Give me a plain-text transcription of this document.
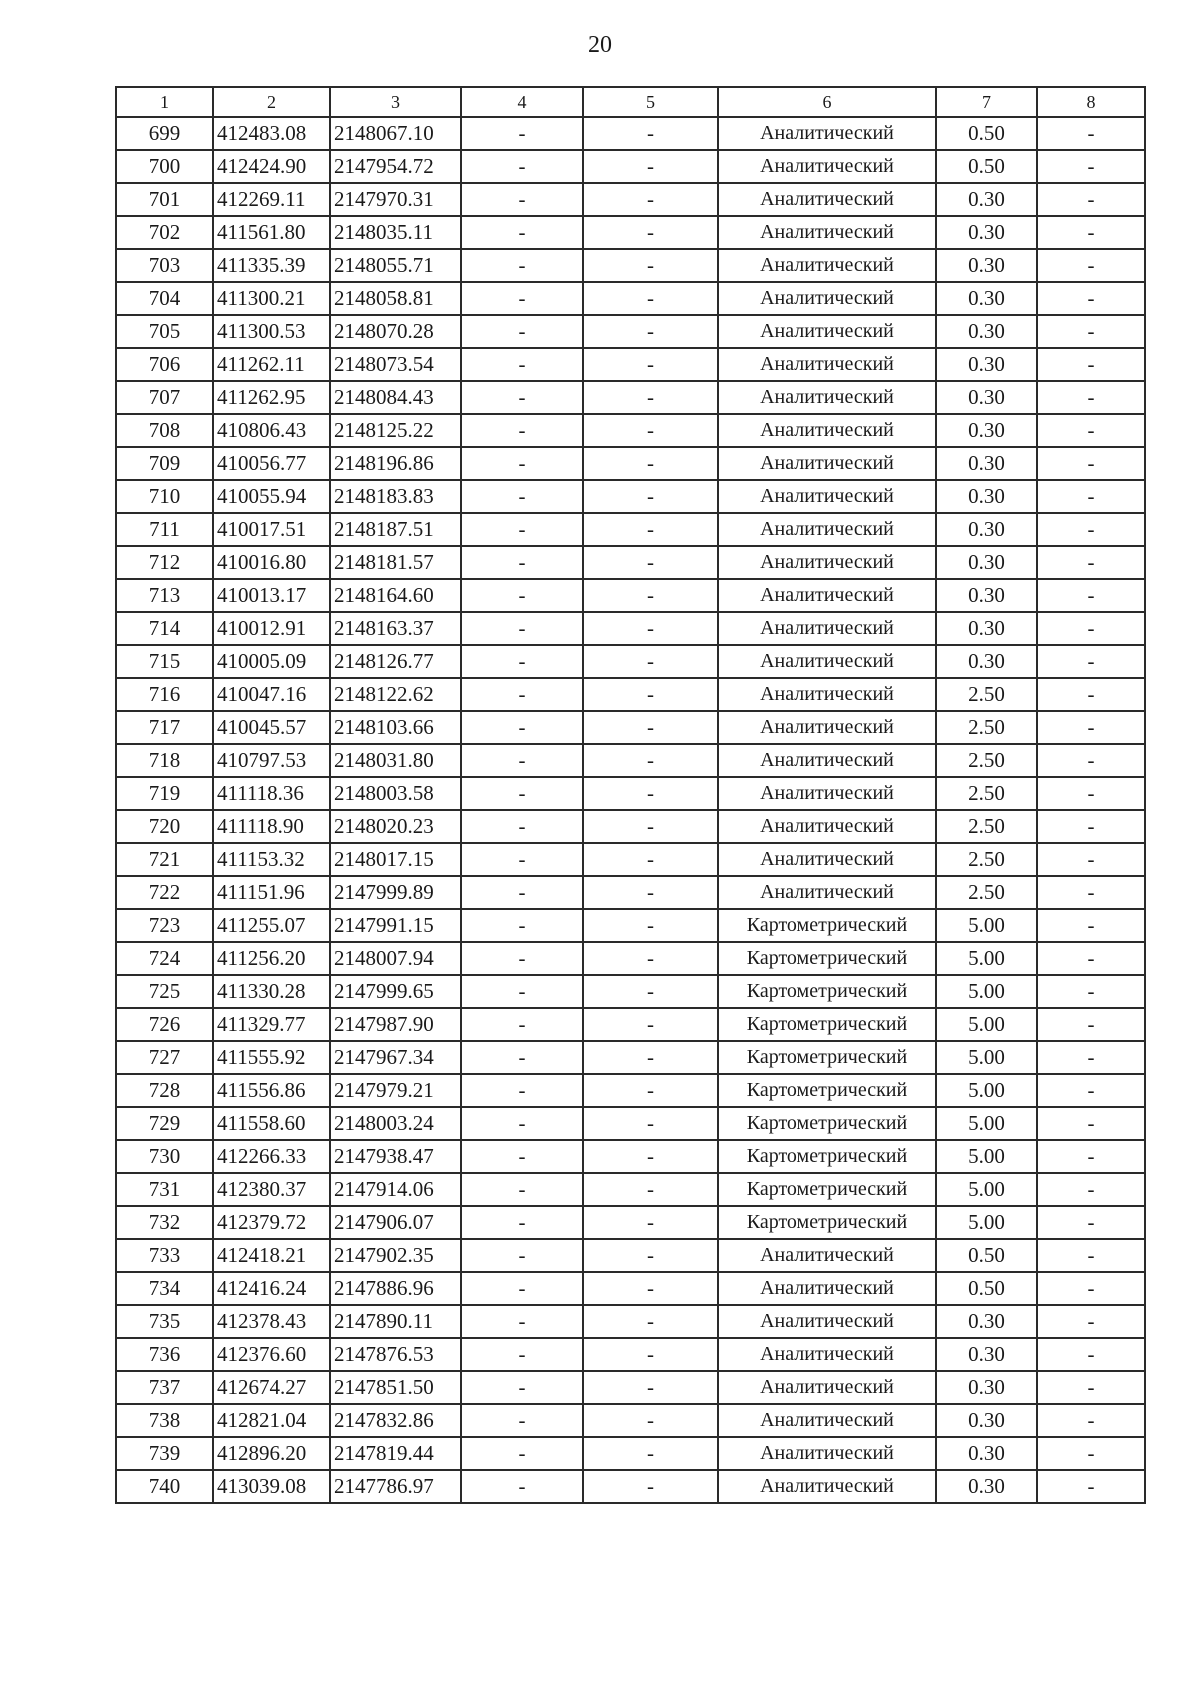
20
1	2	3	4	5	6	7	8
699	412483.08	2148067.10	-	-	Аналитический	0.50	-
700	412424.90	2147954.72	-	-	Аналитический	0.50	-
701	412269.11	2147970.31	-	-	Аналитический	0.30	-
702	411561.80	2148035.11	-	-	Аналитический	0.30	-
703	411335.39	2148055.71	-	-	Аналитический	0.30	-
704	411300.21	2148058.81	-	-	Аналитический	0.30	-
705	411300.53	2148070.28	-	-	Аналитический	0.30	-
706	411262.11	2148073.54	-	-	Аналитический	0.30	-
707	411262.95	2148084.43	-	-	Аналитический	0.30	-
708	410806.43	2148125.22	-	-	Аналитический	0.30	-
709	410056.77	2148196.86	-	-	Аналитический	0.30	-
710	410055.94	2148183.83	-	-	Аналитический	0.30	-
711	410017.51	2148187.51	-	-	Аналитический	0.30	-
712	410016.80	2148181.57	-	-	Аналитический	0.30	-
713	410013.17	2148164.60	-	-	Аналитический	0.30	-
714	410012.91	2148163.37	-	-	Аналитический	0.30	-
715	410005.09	2148126.77	-	-	Аналитический	0.30	-
716	410047.16	2148122.62	-	-	Аналитический	2.50	-
717	410045.57	2148103.66	-	-	Аналитический	2.50	-
718	410797.53	2148031.80	-	-	Аналитический	2.50	-
719	411118.36	2148003.58	-	-	Аналитический	2.50	-
720	411118.90	2148020.23	-	-	Аналитический	2.50	-
721	411153.32	2148017.15	-	-	Аналитический	2.50	-
722	411151.96	2147999.89	-	-	Аналитический	2.50	-
723	411255.07	2147991.15	-	-	Картометрический	5.00	-
724	411256.20	2148007.94	-	-	Картометрический	5.00	-
725	411330.28	2147999.65	-	-	Картометрический	5.00	-
726	411329.77	2147987.90	-	-	Картометрический	5.00	-
727	411555.92	2147967.34	-	-	Картометрический	5.00	-
728	411556.86	2147979.21	-	-	Картометрический	5.00	-
729	411558.60	2148003.24	-	-	Картометрический	5.00	-
730	412266.33	2147938.47	-	-	Картометрический	5.00	-
731	412380.37	2147914.06	-	-	Картометрический	5.00	-
732	412379.72	2147906.07	-	-	Картометрический	5.00	-
733	412418.21	2147902.35	-	-	Аналитический	0.50	-
734	412416.24	2147886.96	-	-	Аналитический	0.50	-
735	412378.43	2147890.11	-	-	Аналитический	0.30	-
736	412376.60	2147876.53	-	-	Аналитический	0.30	-
737	412674.27	2147851.50	-	-	Аналитический	0.30	-
738	412821.04	2147832.86	-	-	Аналитический	0.30	-
739	412896.20	2147819.44	-	-	Аналитический	0.30	-
740	413039.08	2147786.97	-	-	Аналитический	0.30	-
